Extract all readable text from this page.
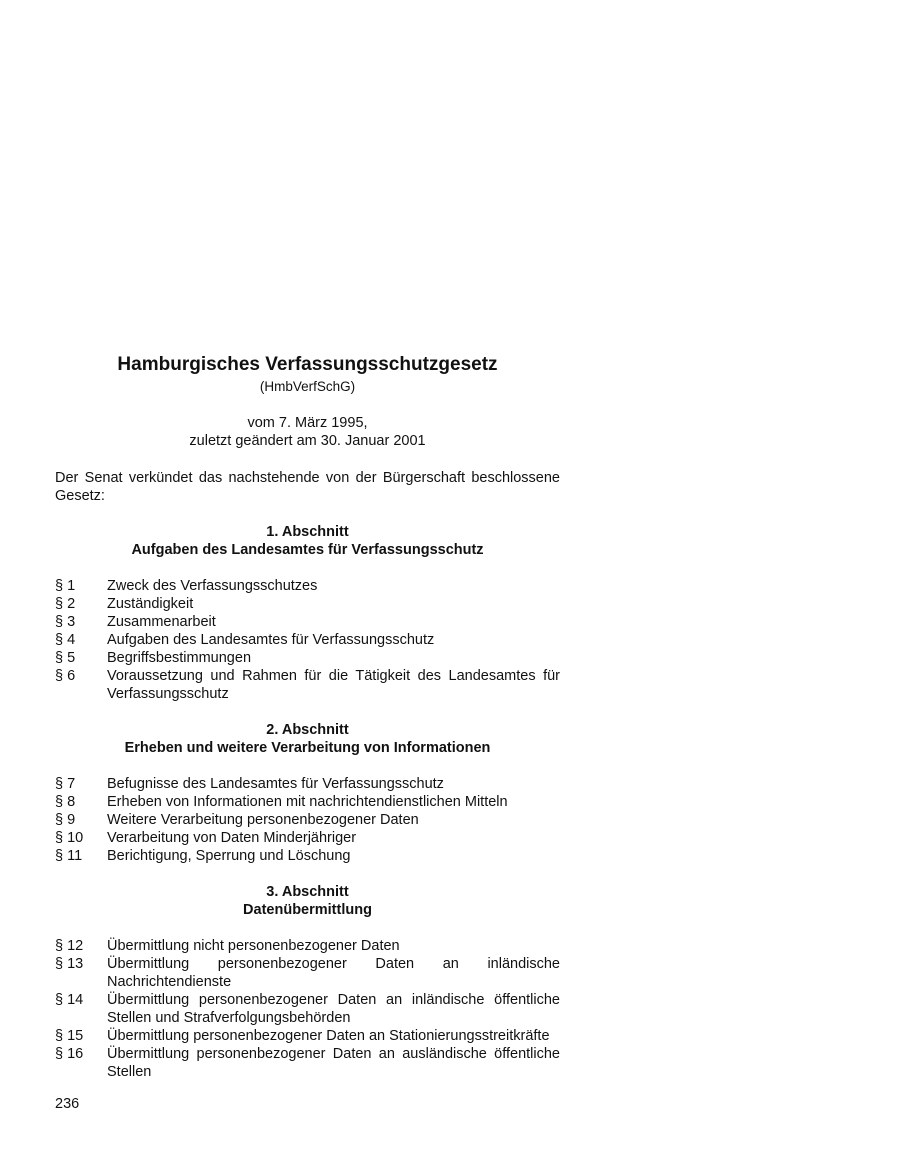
Hamburgisches Verfassungsschutzgesetz
(HmbVerfSchG)
vom 7. März 1995,
zuletzt geändert am 30. Januar 2001
Der Senat verkündet das nachstehende von der Bürgerschaft beschlossene Gesetz:
1. Abschnitt
Aufgaben des Landesamtes für Verfassungsschutz
§ 1	Zweck des Verfassungsschutzes
§ 2	Zuständigkeit
§ 3	Zusammenarbeit
§ 4	Aufgaben des Landesamtes für Verfassungsschutz
§ 5	Begriffsbestimmungen
§ 6	Voraussetzung und Rahmen für die Tätigkeit des Landesamtes für Verfassungsschutz
2. Abschnitt
Erheben und weitere Verarbeitung von Informationen
§ 7	Befugnisse des Landesamtes für Verfassungsschutz
§ 8	Erheben von Informationen mit nachrichtendienstlichen Mitteln
§ 9	Weitere Verarbeitung personenbezogener Daten
§ 10	Verarbeitung von Daten Minderjähriger
§ 11	Berichtigung, Sperrung und Löschung
3. Abschnitt
Datenübermittlung
§ 12	Übermittlung nicht personenbezogener Daten
§ 13	Übermittlung personenbezogener Daten an inländische Nachrichtendienste
§ 14	Übermittlung personenbezogener Daten an inländische öffentliche Stellen und Strafverfolgungsbehörden
§ 15	Übermittlung personenbezogener Daten an Stationierungsstreitkräfte
§ 16	Übermittlung personenbezogener Daten an ausländische öffentliche Stellen
236
